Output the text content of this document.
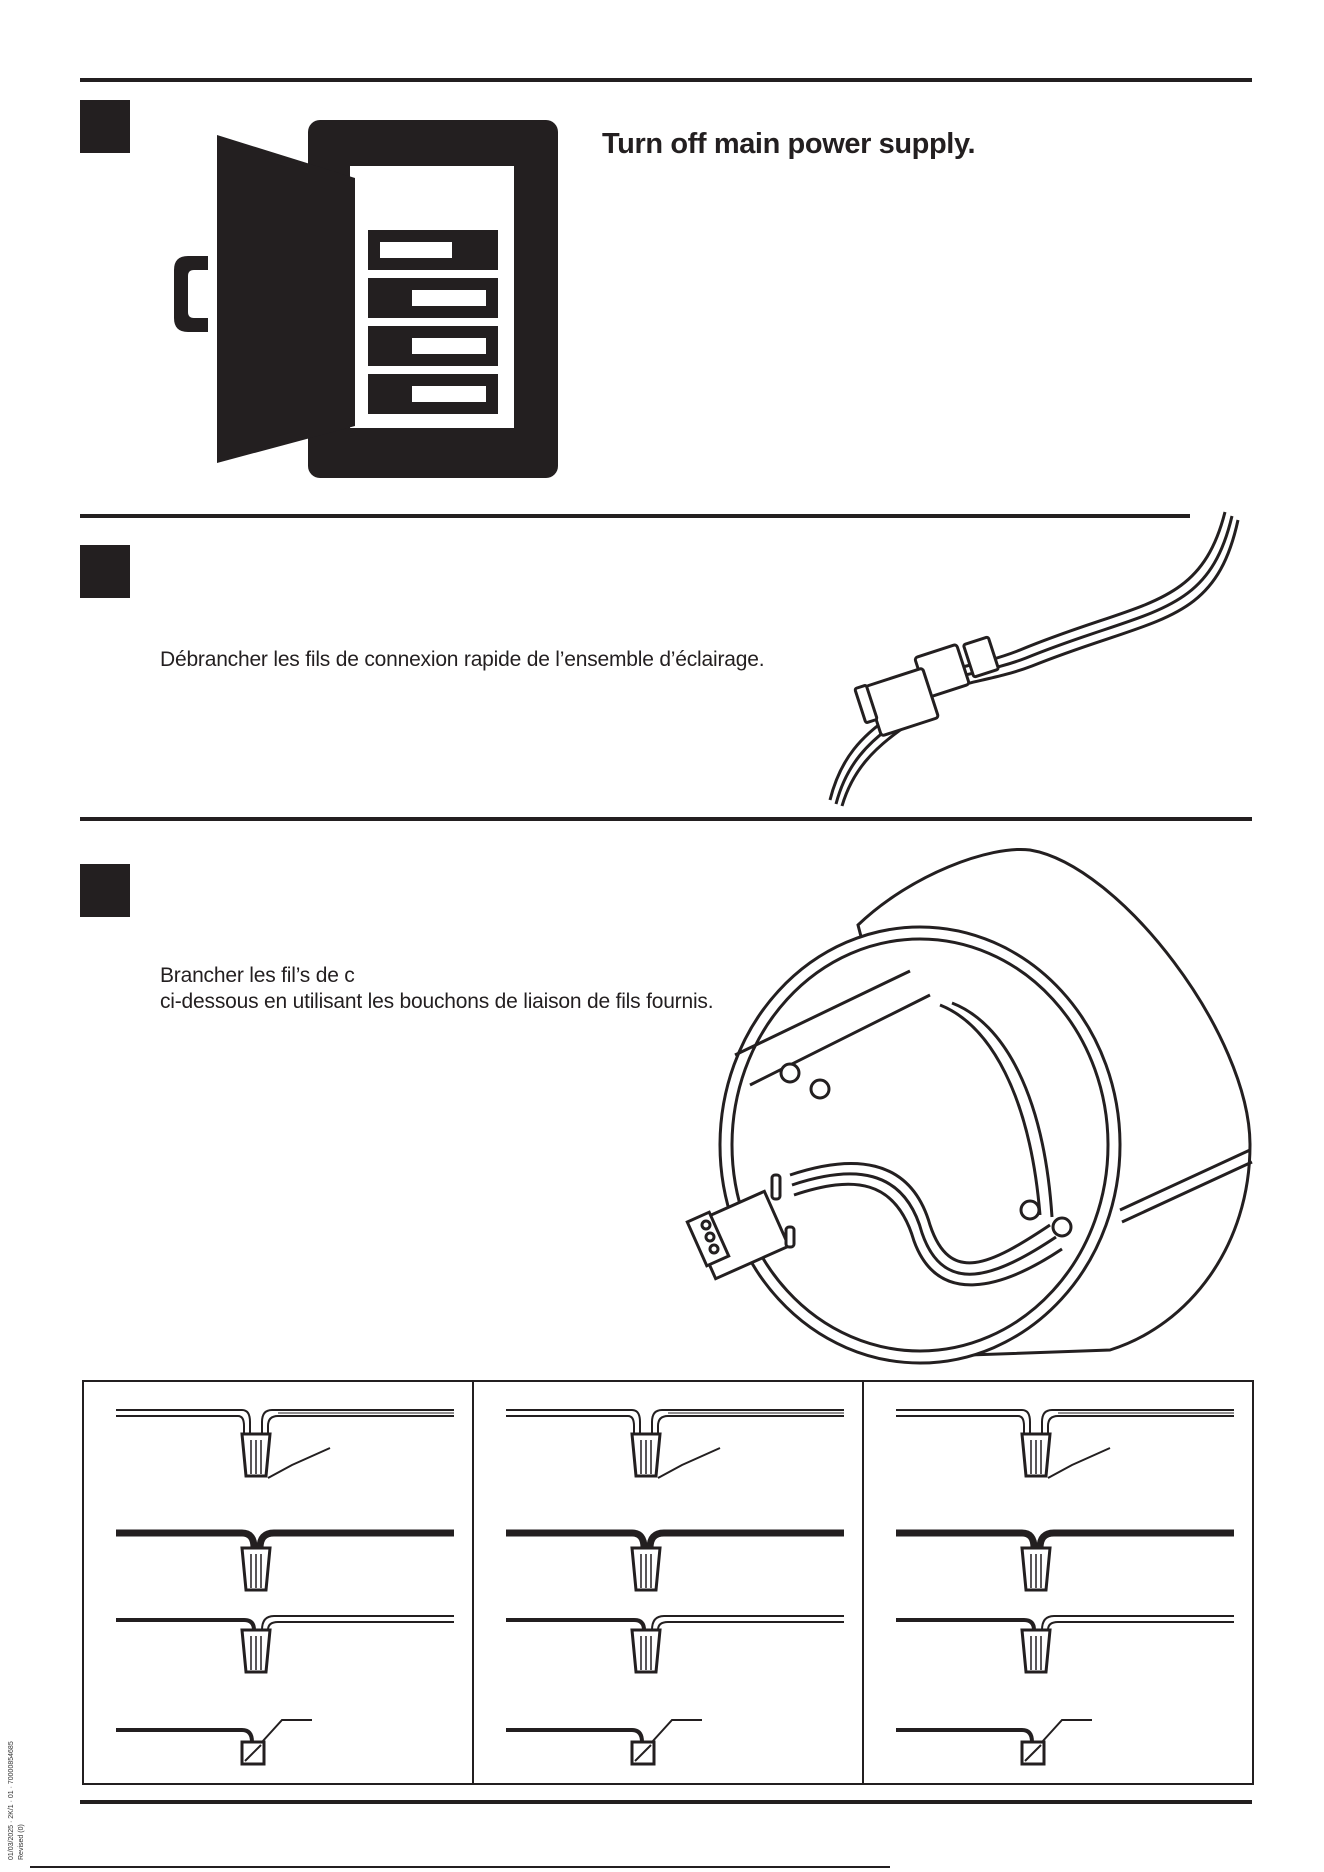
Turn off main power supply.
Débrancher les fils de connexion rapide de l’ensemble d’éclairage.
Brancher les fil’s de c
ci-dessous en utilisant les bouchons de liaison de fils fournis.
01/03/2025 · 2K/1 · 01 · 70000854685 Revised (0)
